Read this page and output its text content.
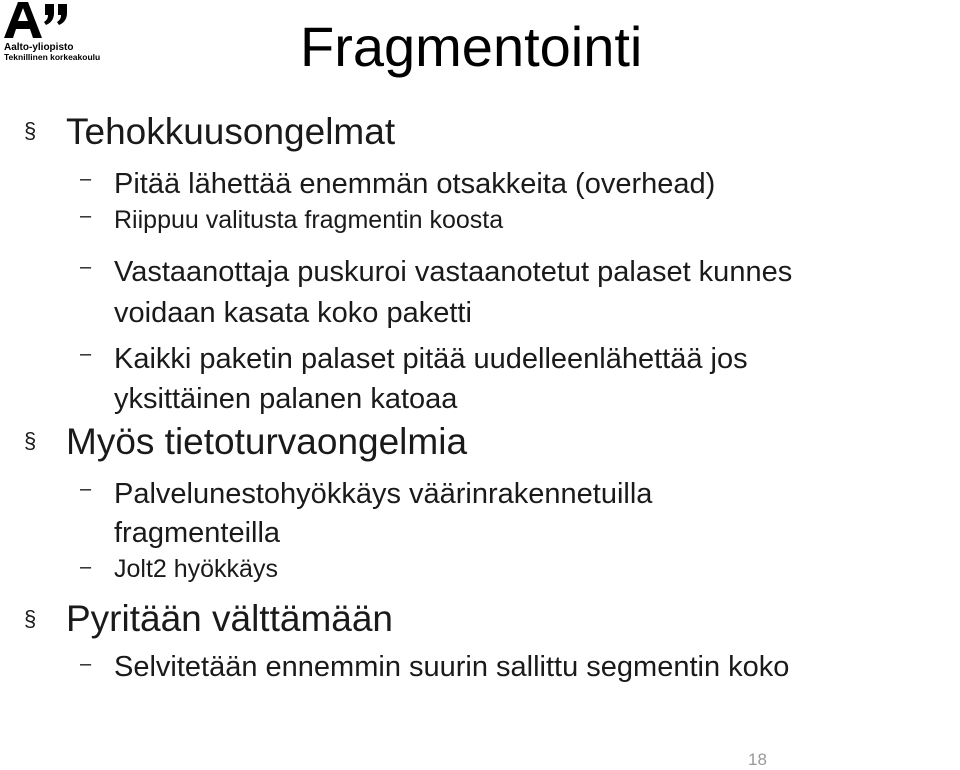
Aalto-yliopisto
Teknillinen korkeakoulu	Fragmentointi
§ Tehokkuusongelmat
– Pitää lähettää enemmän otsakkeita (overhead)
– Riippuu valitusta fragmentin koosta
– Vastaanottaja puskuroi vastaanotetut palaset kunnes
voidaan kasata koko paketti
– Kaikki paketin palaset pitää uudelleenlähettää jos
yksittäinen palanen katoaa
§ Myös tietoturvaongelmia
– Palvelunestohyökkäys väärinrakennetuilla
fragmenteilla
– Jolt2 hyökkäys
§ Pyritään välttämään
– Selvitetään ennemmin suurin sallittu segmentin koko
18
